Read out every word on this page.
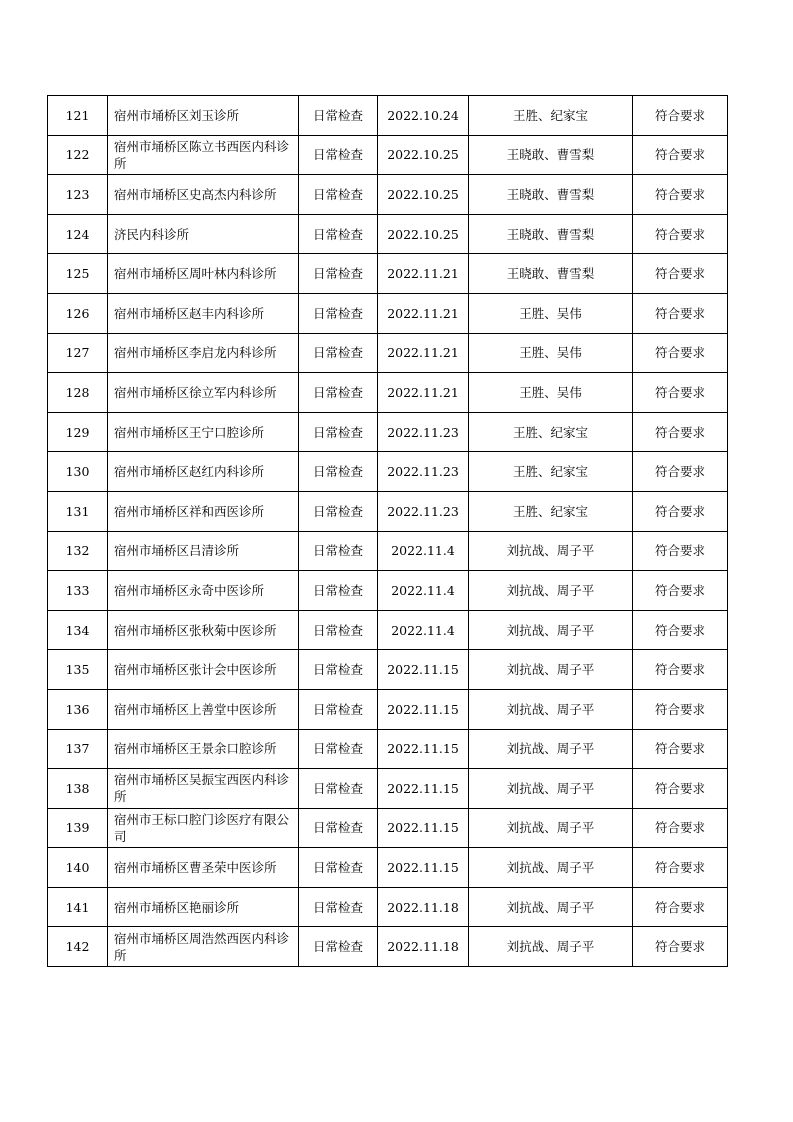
121	宿州市埇桥区刘玉诊所	日常检查	2022.10.24	王胜、纪家宝	符合要求
122	宿州市埇桥区陈立书西医内科诊所	日常检查	2022.10.25	王晓敢、曹雪梨	符合要求
123	宿州市埇桥区史高杰内科诊所	日常检查	2022.10.25	王晓敢、曹雪梨	符合要求
124	济民内科诊所	日常检查	2022.10.25	王晓敢、曹雪梨	符合要求
125	宿州市埇桥区周叶林内科诊所	日常检查	2022.11.21	王晓敢、曹雪梨	符合要求
126	宿州市埇桥区赵丰内科诊所	日常检查	2022.11.21	王胜、吴伟	符合要求
127	宿州市埇桥区李启龙内科诊所	日常检查	2022.11.21	王胜、吴伟	符合要求
128	宿州市埇桥区徐立军内科诊所	日常检查	2022.11.21	王胜、吴伟	符合要求
129	宿州市埇桥区王宁口腔诊所	日常检查	2022.11.23	王胜、纪家宝	符合要求
130	宿州市埇桥区赵红内科诊所	日常检查	2022.11.23	王胜、纪家宝	符合要求
131	宿州市埇桥区祥和西医诊所	日常检查	2022.11.23	王胜、纪家宝	符合要求
132	宿州市埇桥区吕清诊所	日常检查	2022.11.4	刘抗战、周子平	符合要求
133	宿州市埇桥区永奇中医诊所	日常检查	2022.11.4	刘抗战、周子平	符合要求
134	宿州市埇桥区张秋菊中医诊所	日常检查	2022.11.4	刘抗战、周子平	符合要求
135	宿州市埇桥区张计会中医诊所	日常检查	2022.11.15	刘抗战、周子平	符合要求
136	宿州市埇桥区上善堂中医诊所	日常检查	2022.11.15	刘抗战、周子平	符合要求
137	宿州市埇桥区王景余口腔诊所	日常检查	2022.11.15	刘抗战、周子平	符合要求
138	宿州市埇桥区吴振宝西医内科诊所	日常检查	2022.11.15	刘抗战、周子平	符合要求
139	宿州市王标口腔门诊医疗有限公司	日常检查	2022.11.15	刘抗战、周子平	符合要求
140	宿州市埇桥区曹圣荣中医诊所	日常检查	2022.11.15	刘抗战、周子平	符合要求
141	宿州市埇桥区艳丽诊所	日常检查	2022.11.18	刘抗战、周子平	符合要求
142	宿州市埇桥区周浩然西医内科诊所	日常检查	2022.11.18	刘抗战、周子平	符合要求
